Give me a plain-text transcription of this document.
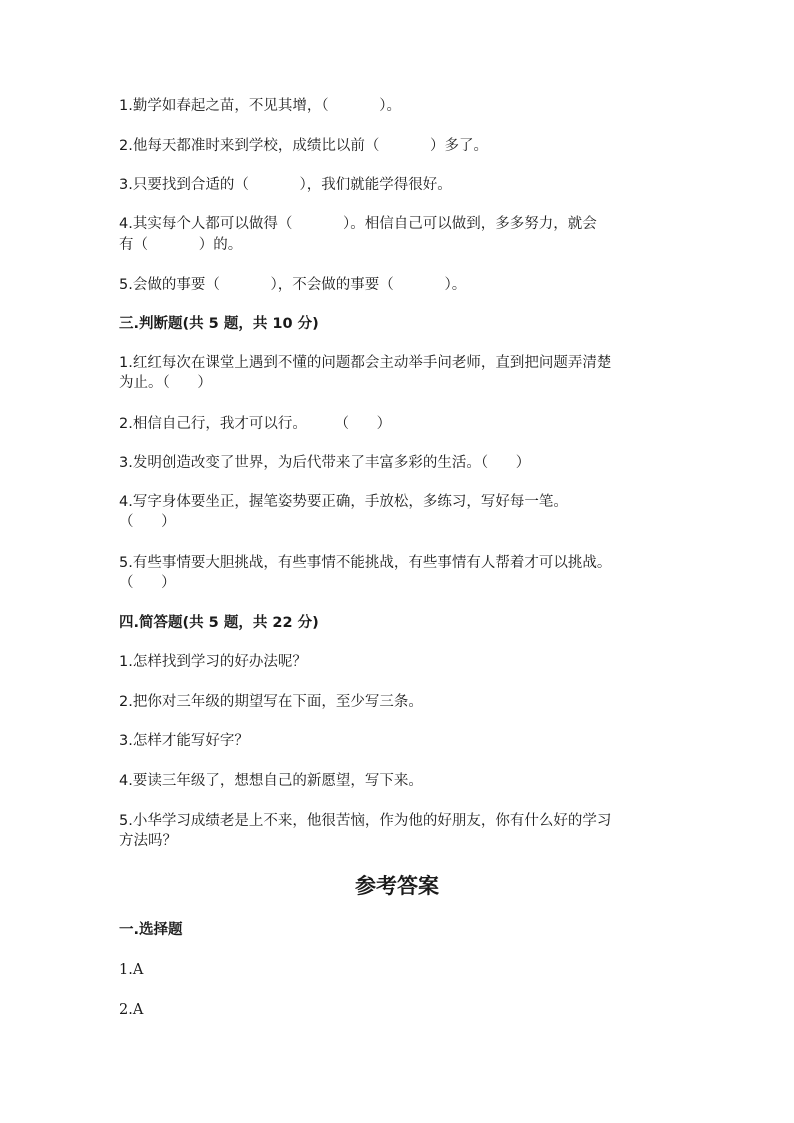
1.勤学如春起之苗，不见其增，（           ）。
2.他每天都准时来到学校，成绩比以前（           ）多了。
3.只要找到合适的（           ），我们就能学得很好。
4.其实每个人都可以做得（           ）。相信自己可以做到，多多努力，就会
有（           ）的。
5.会做的事要（           ），不会做的事要（           ）。
三.判断题(共 5 题，共 10 分)
1.红红每次在课堂上遇到不懂的问题都会主动举手问老师，直到把问题弄清楚
为止。（      ）
2.相信自己行，我才可以行。      （      ）
3.发明创造改变了世界，为后代带来了丰富多彩的生活。（      ）
4.写字身体要坐正，握笔姿势要正确，手放松，多练习，写好每一笔。
（      ）
5.有些事情要大胆挑战，有些事情不能挑战，有些事情有人帮着才可以挑战。
（      ）
四.简答题(共 5 题，共 22 分)
1.怎样找到学习的好办法呢？
2.把你对三年级的期望写在下面，至少写三条。
3.怎样才能写好字？
4.要读三年级了，想想自己的新愿望，写下来。
5.小华学习成绩老是上不来，他很苦恼，作为他的好朋友，你有什么好的学习
方法吗？
参考答案
一.选择题
1.A
2.A
